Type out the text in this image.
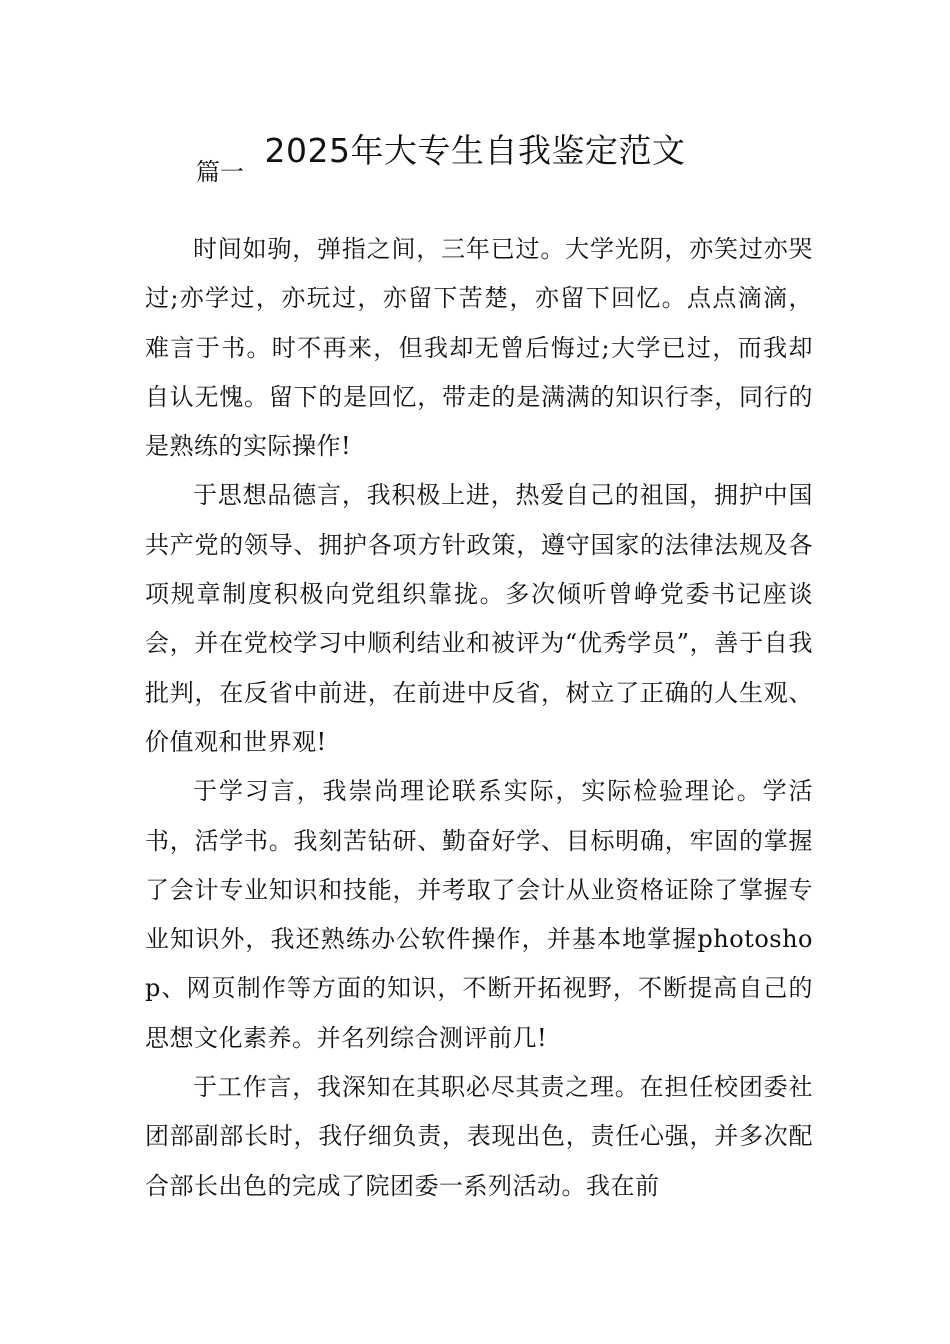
2025年大专生自我鉴定范文

篇一

时间如驹，弹指之间，三年已过。大学光阴，亦笑过亦哭过;亦学过，亦玩过，亦留下苦楚，亦留下回忆。点点滴滴，难言于书。时不再来，但我却无曾后悔过;大学已过，而我却自认无愧。留下的是回忆，带走的是满满的知识行李，同行的是熟练的实际操作!

于思想品德言，我积极上进，热爱自己的祖国，拥护中国共产党的领导、拥护各项方针政策，遵守国家的法律法规及各项规章制度积极向党组织靠拢。多次倾听曾峥党委书记座谈会，并在党校学习中顺利结业和被评为“优秀学员”，善于自我批判，在反省中前进，在前进中反省，树立了正确的人生观、价值观和世界观!

于学习言，我崇尚理论联系实际，实际检验理论。学活书，活学书。我刻苦钻研、勤奋好学、目标明确，牢固的掌握了会计专业知识和技能，并考取了会计从业资格证除了掌握专业知识外，我还熟练办公软件操作，并基本地掌握photoshop、网页制作等方面的知识，不断开拓视野，不断提高自己的思想文化素养。并名列综合测评前几!

于工作言，我深知在其职必尽其责之理。在担任校团委社团部副部长时，我仔细负责，表现出色，责任心强，并多次配合部长出色的完成了院团委一系列活动。我在前
